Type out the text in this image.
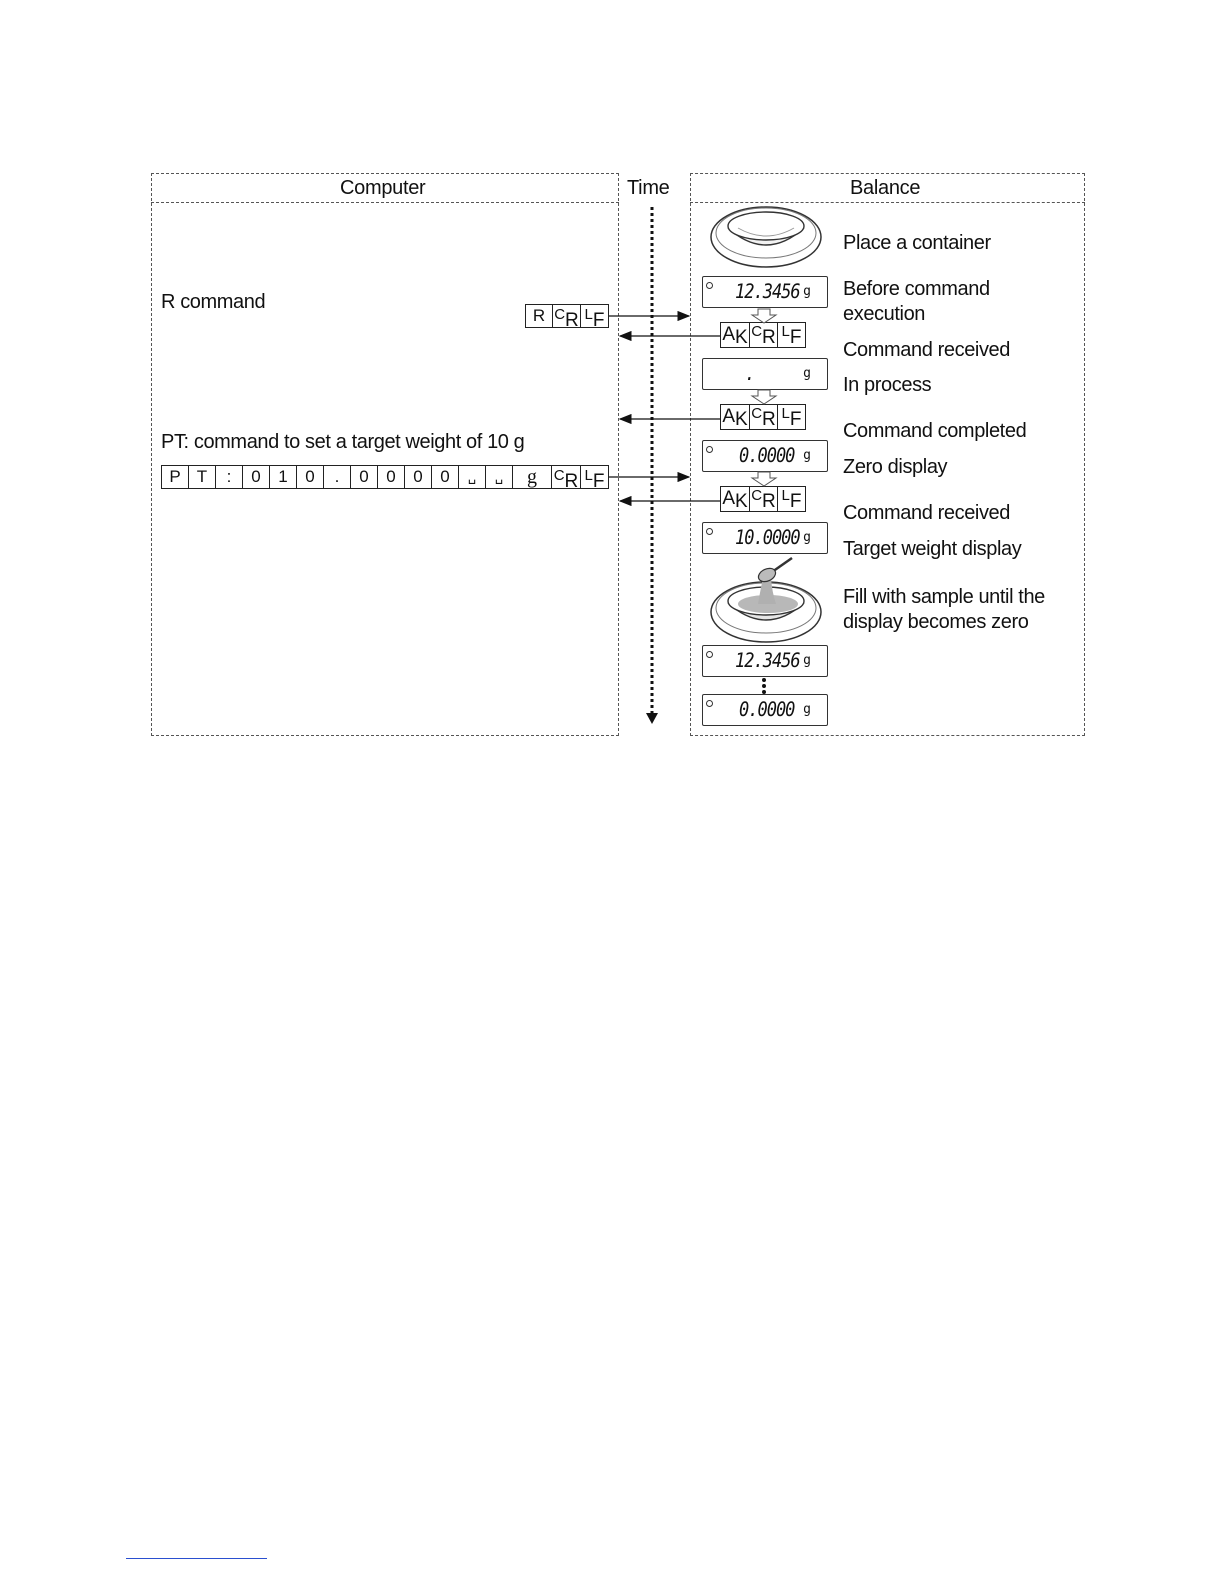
Computer	Time	Balance
R command
PT: command to set a target weight of 10 g
R CR LF
P T	:	0	1	0	.	0	0	0	0	␣	␣	g	CR LF
Place a container
Before command
execution
Command received
In process
Command completed
Zero display
Command received
Target weight display
Fill with sample until the
display becomes zero
12.3456 g
.	g
0.0000 g
10.0000 g
12.3456 g
0.0000 g
AK CR LF
AK CR LF
AK CR LF
